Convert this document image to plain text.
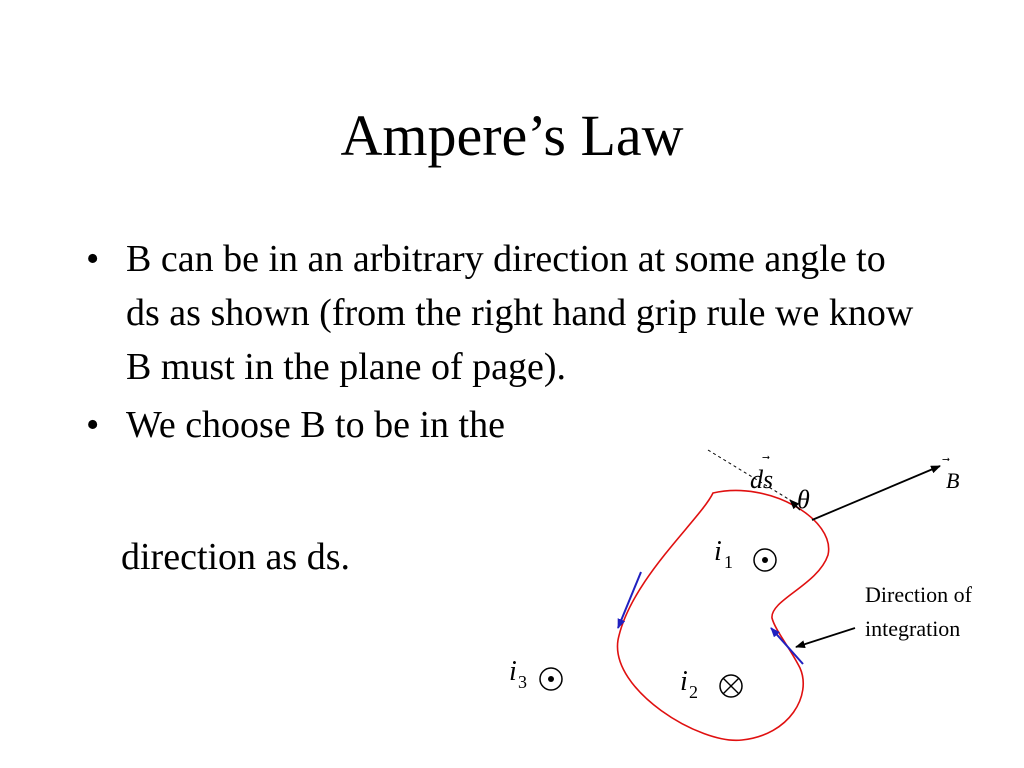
Ampere’s Law
• B can be in an arbitrary direction at some angle to ds as shown (from the right hand grip rule we know B must in the plane of page).
• We choose B to be in the
direction as ds.
ds	B
θ
i 1
i 2
i 3
Direction of
integration
